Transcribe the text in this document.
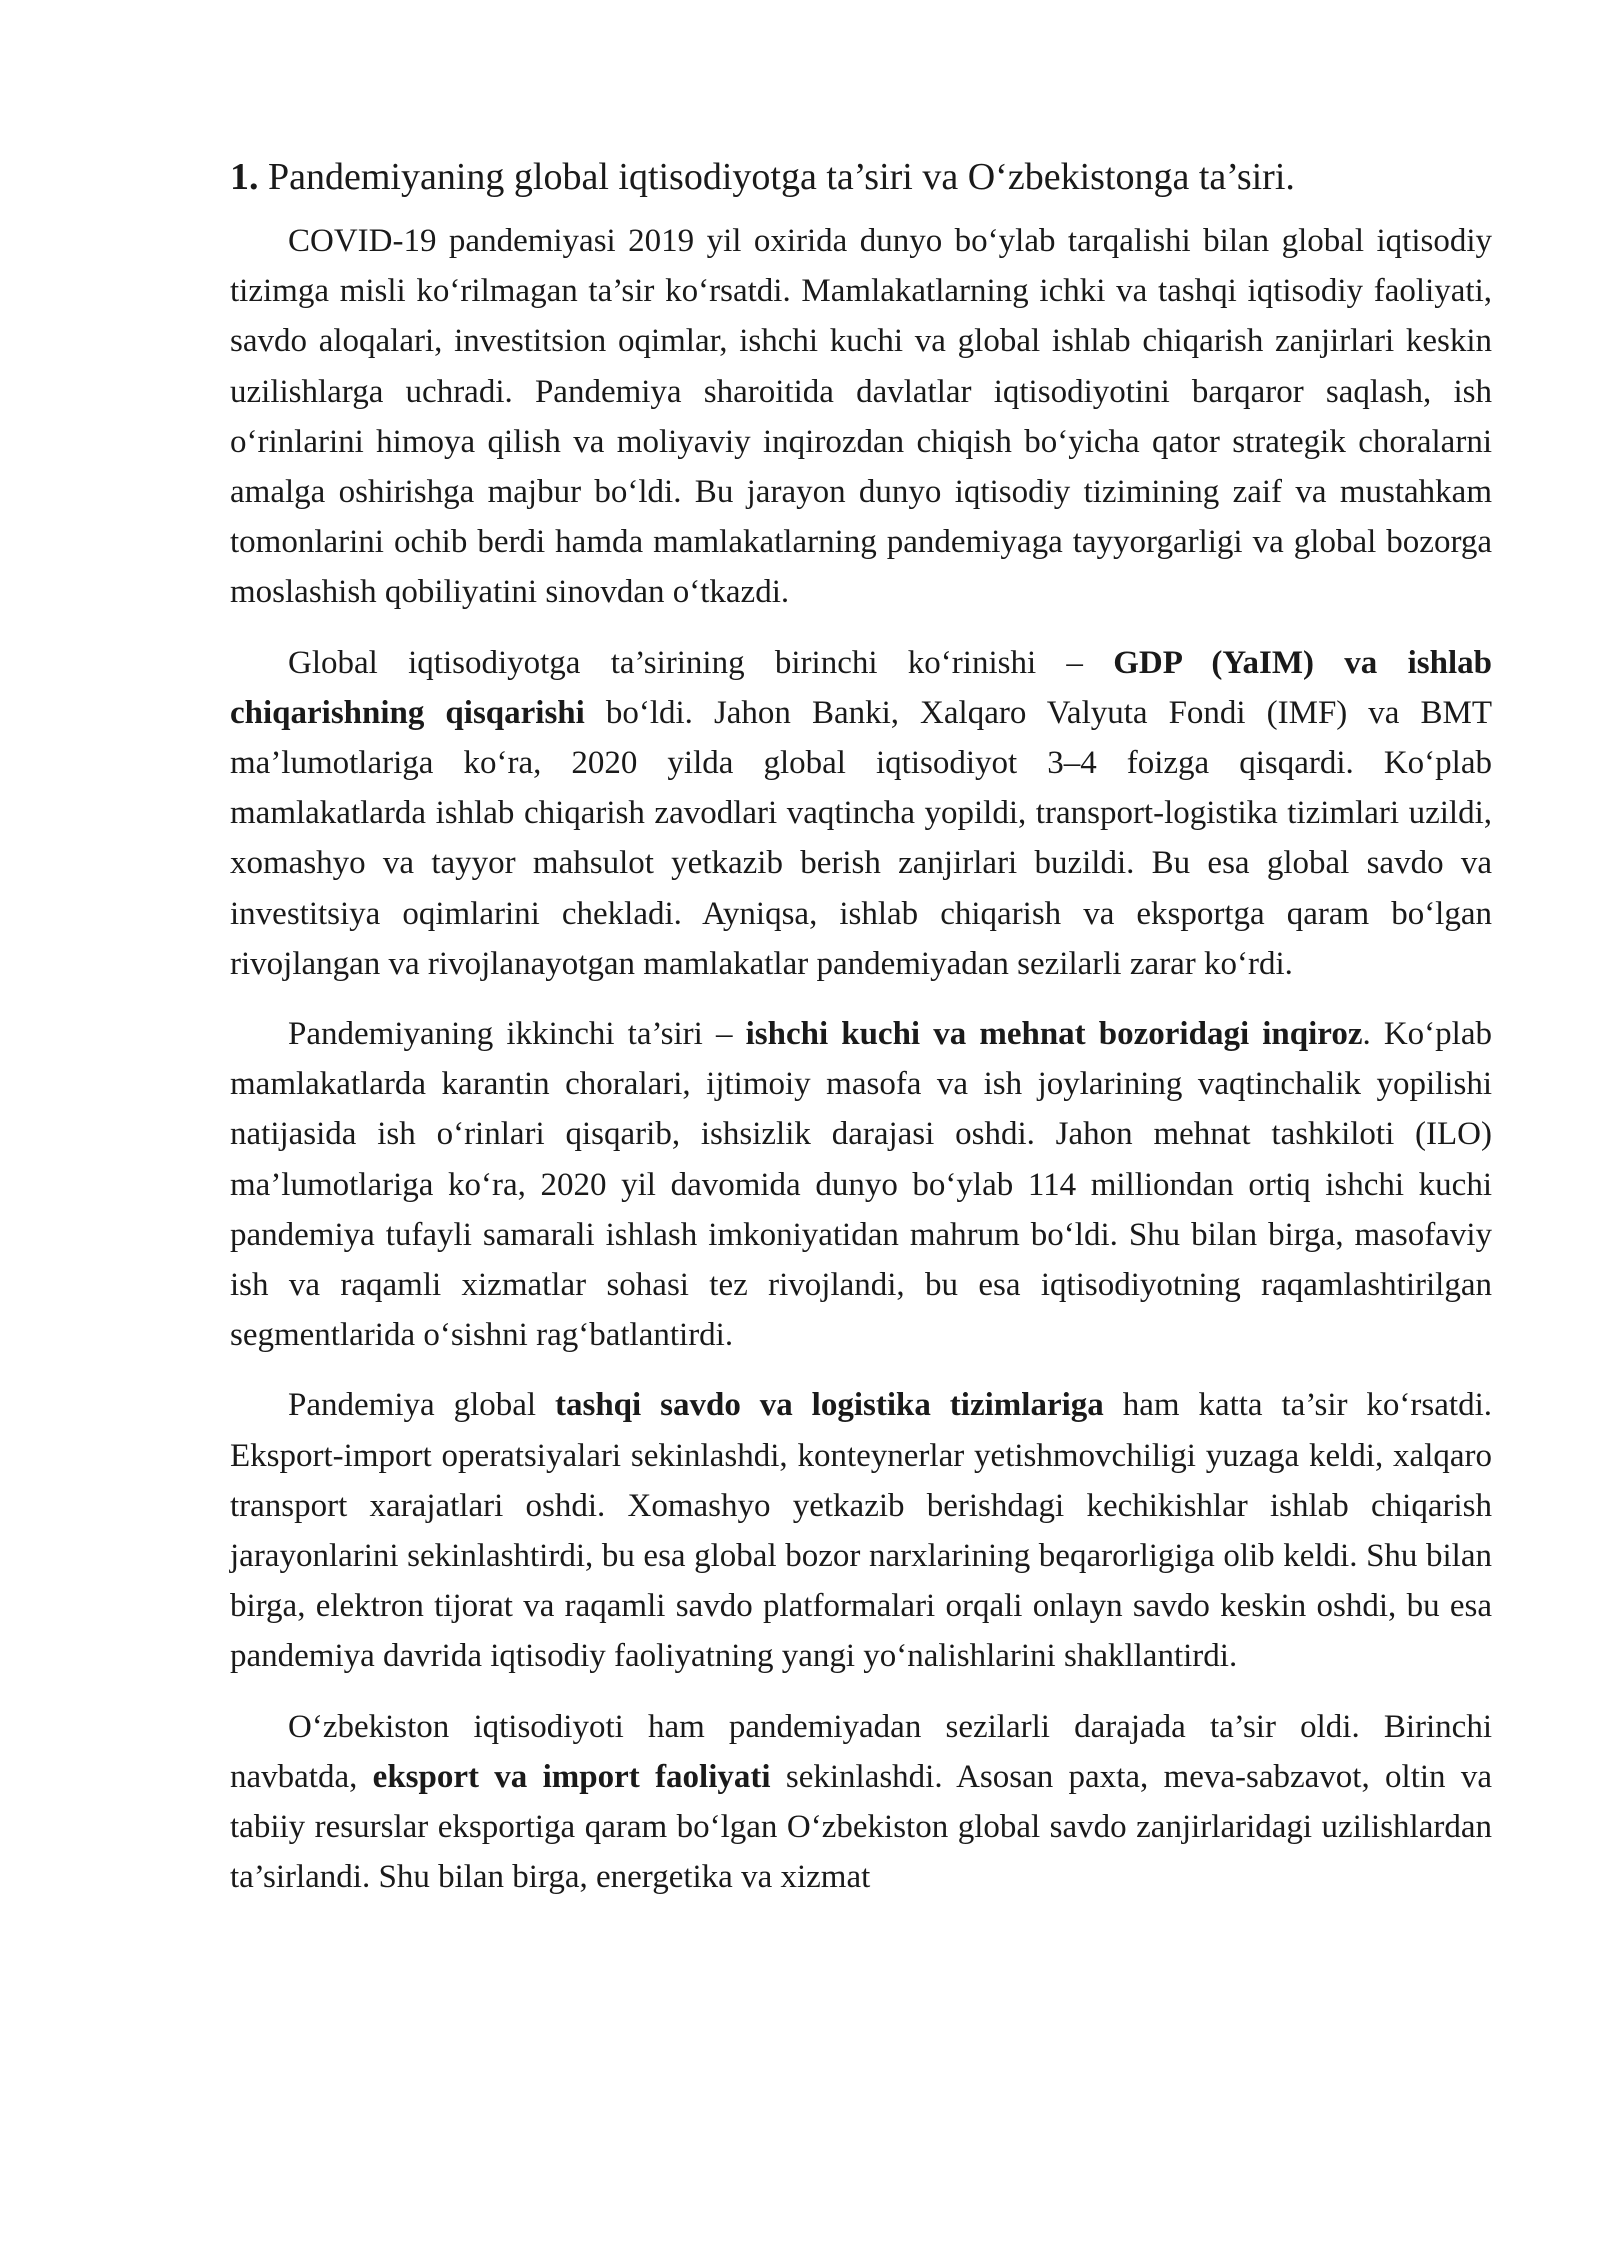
1. Pandemiyaning global iqtisodiyotga ta’siri va O‘zbekistonga ta’siri.

COVID-19 pandemiyasi 2019 yil oxirida dunyo bo‘ylab tarqalishi bilan global iqtisodiy tizimga misli ko‘rilmagan ta’sir ko‘rsatdi. Mamlakatlarning ichki va tashqi iqtisodiy faoliyati, savdo aloqalari, investitsion oqimlar, ishchi kuchi va global ishlab chiqarish zanjirlari keskin uzilishlarga uchradi. Pandemiya sharoitida davlatlar iqtisodiyotini barqaror saqlash, ish o‘rinlarini himoya qilish va moliyaviy inqirozdan chiqish bo‘yicha qator strategik choralarni amalga oshirishga majbur bo‘ldi. Bu jarayon dunyo iqtisodiy tizimining zaif va mustahkam tomonlarini ochib berdi hamda mamlakatlarning pandemiyaga tayyorgarligi va global bozorga moslashish qobiliyatini sinovdan o‘tkazdi.

Global iqtisodiyotga ta’sirining birinchi ko‘rinishi – GDP (YaIM) va ishlab chiqarishning qisqarishi bo‘ldi. Jahon Banki, Xalqaro Valyuta Fondi (IMF) va BMT ma’lumotlariga ko‘ra, 2020 yilda global iqtisodiyot 3–4 foizga qisqardi. Ko‘plab mamlakatlarda ishlab chiqarish zavodlari vaqtincha yopildi, transport-logistika tizimlari uzildi, xomashyo va tayyor mahsulot yetkazib berish zanjirlari buzildi. Bu esa global savdo va investitsiya oqimlarini chekladi. Ayniqsa, ishlab chiqarish va eksportga qaram bo‘lgan rivojlangan va rivojlanayotgan mamlakatlar pandemiyadan sezilarli zarar ko‘rdi.

Pandemiyaning ikkinchi ta’siri – ishchi kuchi va mehnat bozoridagi inqiroz. Ko‘plab mamlakatlarda karantin choralari, ijtimoiy masofa va ish joylarining vaqtinchalik yopilishi natijasida ish o‘rinlari qisqarib, ishsizlik darajasi oshdi. Jahon mehnat tashkiloti (ILO) ma’lumotlariga ko‘ra, 2020 yil davomida dunyo bo‘ylab 114 milliondan ortiq ishchi kuchi pandemiya tufayli samarali ishlash imkoniyatidan mahrum bo‘ldi. Shu bilan birga, masofaviy ish va raqamli xizmatlar sohasi tez rivojlandi, bu esa iqtisodiyotning raqamlashtirilgan segmentlarida o‘sishni rag‘batlantirdi.

Pandemiya global tashqi savdo va logistika tizimlariga ham katta ta’sir ko‘rsatdi. Eksport-import operatsiyalari sekinlashdi, konteynerlar yetishmovchiligi yuzaga keldi, xalqaro transport xarajatlari oshdi. Xomashyo yetkazib berishdagi kechikishlar ishlab chiqarish jarayonlarini sekinlashtirdi, bu esa global bozor narxlarining beqarorligiga olib keldi. Shu bilan birga, elektron tijorat va raqamli savdo platformalari orqali onlayn savdo keskin oshdi, bu esa pandemiya davrida iqtisodiy faoliyatning yangi yo‘nalishlarini shakllantirdi.

O‘zbekiston iqtisodiyoti ham pandemiyadan sezilarli darajada ta’sir oldi. Birinchi navbatda, eksport va import faoliyati sekinlashdi. Asosan paxta, meva-sabzavot, oltin va tabiiy resurslar eksportiga qaram bo‘lgan O‘zbekiston global savdo zanjirlaridagi uzilishlardan ta’sirlandi. Shu bilan birga, energetika va xizmat
